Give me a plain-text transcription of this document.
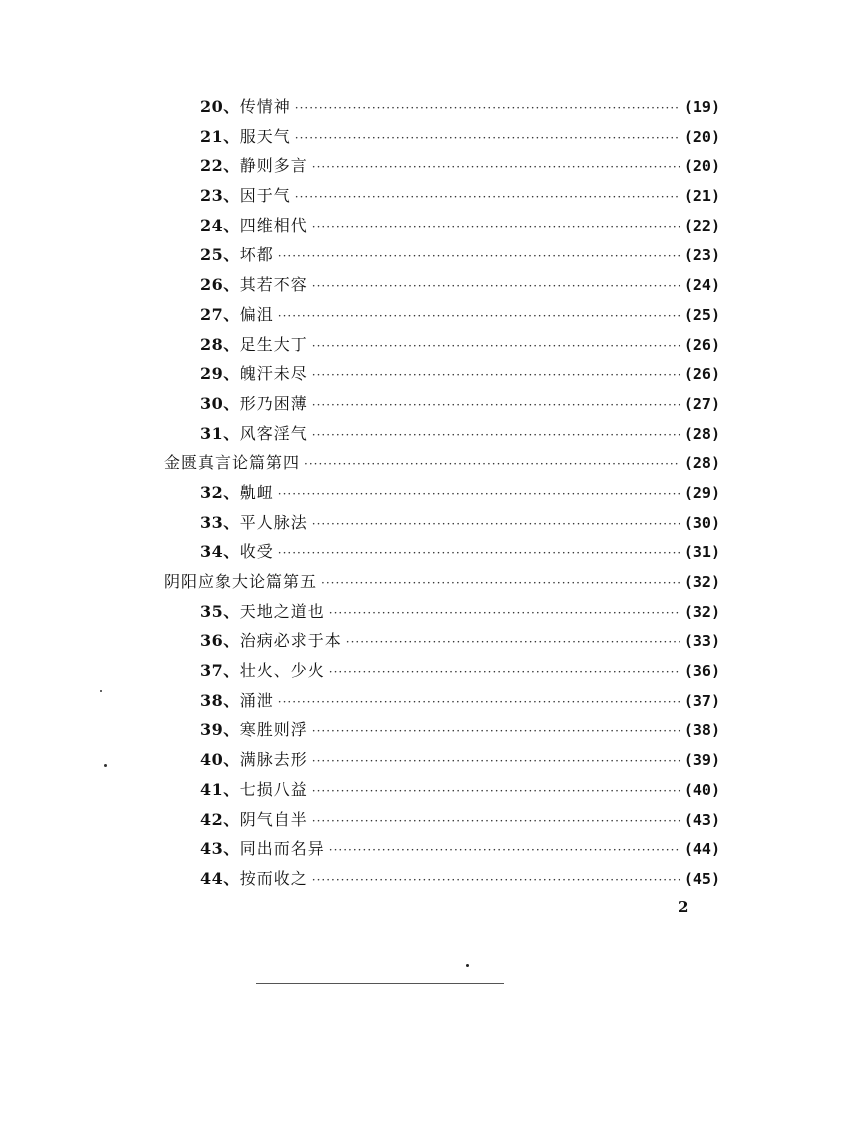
20、 传情神 ·····	(19)
21、 服天气 ·····	(20)
22、 静则多言 ·····	(20)
23、 因于气 ·····	(21)
24、 四维相代 ·····	(22)
25、 坏都 ·····	(23)
26、 其若不容 ·····	(24)
27、 偏沮 ·····	(25)
28、 足生大丁 ·····	(26)
29、 魄汗未尽 ·····	(26)
30、 形乃困薄 ·····	(27)
31、 风客淫气 ·····	(28)
金匮真言论篇第四 ·····	(28)
32、 鼽衄 ·····	(29)
33、 平人脉法 ·····	(30)
34、 收受 ·····	(31)
阴阳应象大论篇第五 ·····	(32)
35、 天地之道也 ·····	(32)
36、 治病必求于本 ·····	(33)
37、 壮火、少火 ·····	(36)
38、 涌泄 ·····	(37)
39、 寒胜则浮 ·····	(38)
40、 满脉去形 ·····	(39)
41、 七损八益 ·····	(40)
42、 阴气自半 ·····	(43)
43、 同出而名异 ·····	(44)
44、 按而收之 ·····	(45)
2
